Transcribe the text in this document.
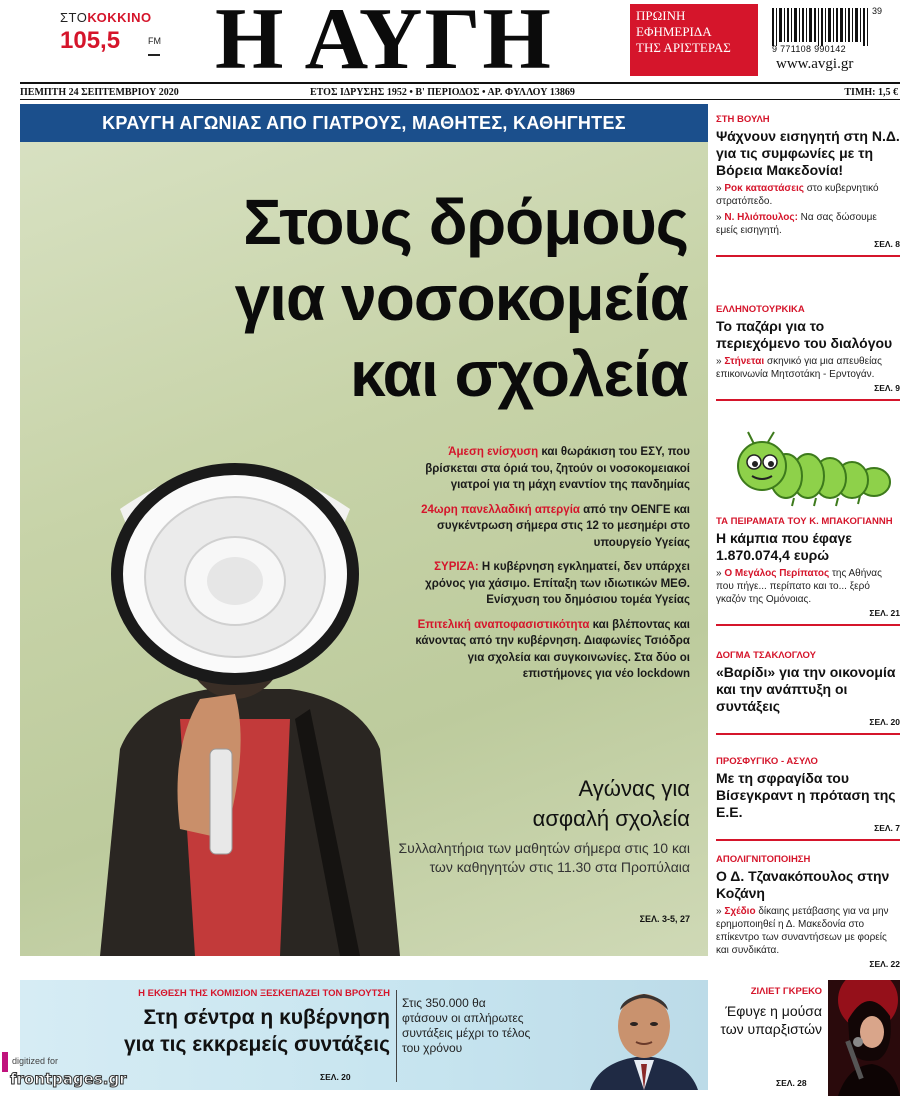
ΣΤΟΚΟΚΚΙΝΟ
105,5	FM Η ΑΥΓΗ	ΠΡΩΙΝΗ
ΕΦΗΜΕΡΙΔΑ
ΤΗΣ ΑΡΙΣΤΕΡΑΣ
39
9 771108 990142
www.avgi.gr
ΠΕΜΠΤΗ 24 ΣΕΠΤΕΜΒΡΙΟΥ 2020	ΕΤΟΣ ΙΔΡΥΣΗΣ 1952 • Β' ΠΕΡΙΟΔΟΣ • ΑΡ. ΦΥΛΛΟΥ 13869	ΤΙΜΗ: 1,5 €
ΚΡΑΥΓΗ ΑΓΩΝΙΑΣ ΑΠΟ ΓΙΑΤΡΟΥΣ, ΜΑΘΗΤΕΣ, ΚΑΘΗΓΗΤΕΣ
Στους δρόμους
για νοσοκομεία
και σχολεία
Άμεση ενίσχυση και θωράκιση του ΕΣΥ, που βρίσκεται στα όριά του, ζητούν οι νοσοκομειακοί γιατροί για τη μάχη εναντίον της πανδημίας
24ωρη πανελλαδική απεργία από την ΟΕΝΓΕ και συγκέντρωση σήμερα στις 12 το μεσημέρι στο υπουργείο Υγείας
ΣΥΡΙΖΑ: Η κυβέρνηση εγκληματεί, δεν υπάρχει χρόνος για χάσιμο. Επίταξη των ιδιωτικών ΜΕΘ. Ενίσχυση του δημόσιου τομέα Υγείας
Επιτελική αναποφασιστικότητα και βλέποντας και κάνοντας από την κυβέρνηση. Διαφωνίες Τσιόδρα για σχολεία και συγκοινωνίες. Στα δύο οι επιστήμονες για νέο lockdown
Αγώνας για
ασφαλή σχολεία
Συλλαλητήρια των μαθητών σήμερα στις 10 και των καθηγητών στις 11.30 στα Προπύλαια
ΣΕΛ. 3-5, 27
ΣΤΗ ΒΟΥΛΗ
Ψάχνουν εισηγητή στη Ν.Δ. για τις συμφωνίες με τη Βόρεια Μακεδονία!
» Ροκ καταστάσεις στο κυβερνητικό στρατόπεδο.
» Ν. Ηλιόπουλος: Να σας δώσουμε εμείς εισηγητή.
ΣΕΛ. 8
ΕΛΛΗΝΟΤΟΥΡΚΙΚΑ
Το παζάρι για το περιεχόμενο του διαλόγου
» Στήνεται σκηνικό για μια απευθείας επικοινωνία Μητσοτάκη - Ερντογάν.
ΣΕΛ. 9
ΤΑ ΠΕΙΡΑΜΑΤΑ ΤΟΥ Κ. ΜΠΑΚΟΓΙΑΝΝΗ
Η κάμπια που έφαγε 1.870.074,4 ευρώ
» Ο Μεγάλος Περίπατος της Αθήνας που πήγε... περίπατο και το... ξερό γκαζόν της Ομόνοιας.
ΣΕΛ. 21
ΔΟΓΜΑ ΤΣΑΚΛΟΓΛΟΥ
«Βαρίδι» για την οικονομία και την ανάπτυξη οι συντάξεις
ΣΕΛ. 20
ΠΡΟΣΦΥΓΙΚΟ - ΑΣΥΛΟ
Με τη σφραγίδα του Βίσεγκραντ η πρόταση της Ε.Ε.
ΣΕΛ. 7
ΑΠΟΛΙΓΝΙΤΟΠΟΙΗΣΗ
Ο Δ. Τζανακόπουλος στην Κοζάνη
» Σχέδιο δίκαιης μετάβασης για να μην ερημοποιηθεί η Δ. Μακεδονία στο επίκεντρο των συναντήσεων με φορείς και συνδικάτα.
ΣΕΛ. 22
Η ΕΚΘΕΣΗ ΤΗΣ ΚΟΜΙΣΙΟΝ ΞΕΣΚΕΠΑΖΕΙ ΤΟΝ ΒΡΟΥΤΣΗ
Στη σέντρα η κυβέρνηση
για τις εκκρεμείς συντάξεις
ΣΕΛ. 20
Στις 350.000 θα φτάσουν οι απλήρωτες συντάξεις μέχρι το τέλος του χρόνου
ΖΙΛΙΕΤ ΓΚΡΕΚΟ
Έφυγε η μούσα των υπαρξιστών
ΣΕΛ. 28
digitized for
frontpages.gr
